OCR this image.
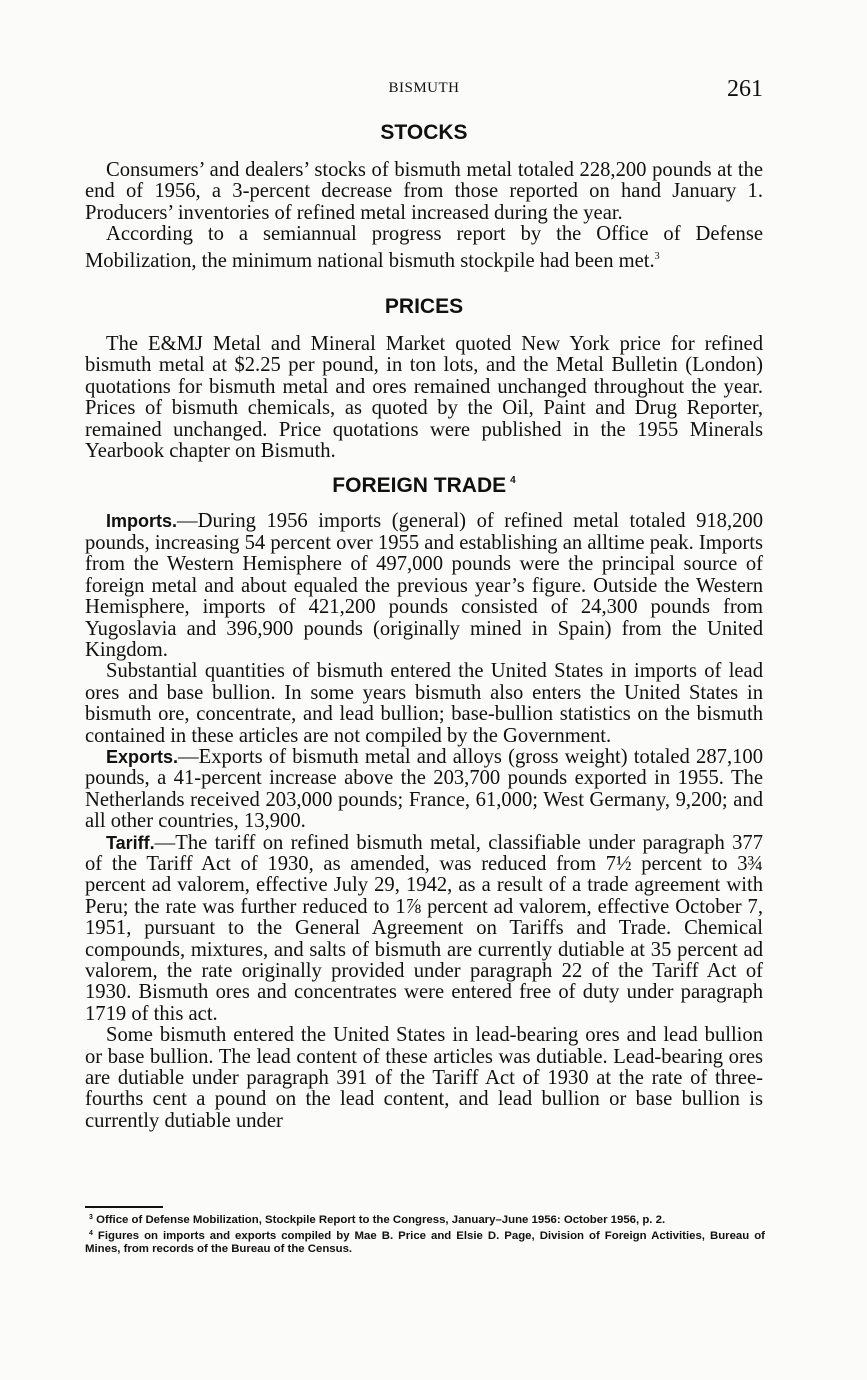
BISMUTH	261
STOCKS

Consumers’ and dealers’ stocks of bismuth metal totaled 228,200 pounds at the end of 1956, a 3-percent decrease from those reported on hand January 1. Producers’ inventories of refined metal increased during the year.

According to a semiannual progress report by the Office of Defense Mobilization, the minimum national bismuth stockpile had been met.$^3$

PRICES

The E&MJ Metal and Mineral Market quoted New York price for refined bismuth metal at $2.25 per pound, in ton lots, and the Metal Bulletin (London) quotations for bismuth metal and ores remained unchanged throughout the year. Prices of bismuth chemicals, as quoted by the Oil, Paint and Drug Reporter, remained unchanged. Price quotations were published in the 1955 Minerals Yearbook chapter on Bismuth.

FOREIGN TRADE $^4$

Imports.—During 1956 imports (general) of refined metal totaled 918,200 pounds, increasing 54 percent over 1955 and establishing an alltime peak. Imports from the Western Hemisphere of 497,000 pounds were the principal source of foreign metal and about equaled the previous year’s figure. Outside the Western Hemisphere, imports of 421,200 pounds consisted of 24,300 pounds from Yugoslavia and 396,900 pounds (originally mined in Spain) from the United Kingdom.

Substantial quantities of bismuth entered the United States in imports of lead ores and base bullion. In some years bismuth also enters the United States in bismuth ore, concentrate, and lead bullion; base-bullion statistics on the bismuth contained in these articles are not compiled by the Government.

Exports.—Exports of bismuth metal and alloys (gross weight) totaled 287,100 pounds, a 41-percent increase above the 203,700 pounds exported in 1955. The Netherlands received 203,000 pounds; France, 61,000; West Germany, 9,200; and all other countries, 13,900.

Tariff.—The tariff on refined bismuth metal, classifiable under paragraph 377 of the Tariff Act of 1930, as amended, was reduced from 7½ percent to 3¾ percent ad valorem, effective July 29, 1942, as a result of a trade agreement with Peru; the rate was further reduced to 1⅞ percent ad valorem, effective October 7, 1951, pursuant to the General Agreement on Tariffs and Trade. Chemical compounds, mixtures, and salts of bismuth are currently dutiable at 35 percent ad valorem, the rate originally provided under paragraph 22 of the Tariff Act of 1930. Bismuth ores and concentrates were entered free of duty under paragraph 1719 of this act.

Some bismuth entered the United States in lead-bearing ores and lead bullion or base bullion. The lead content of these articles was dutiable. Lead-bearing ores are dutiable under paragraph 391 of the Tariff Act of 1930 at the rate of three-fourths cent a pound on the lead content, and lead bullion or base bullion is currently dutiable under

$^3$ Office of Defense Mobilization, Stockpile Report to the Congress, January–June 1956: October 1956, p. 2.
$^4$ Figures on imports and exports compiled by Mae B. Price and Elsie D. Page, Division of Foreign Activities, Bureau of Mines, from records of the Bureau of the Census.
